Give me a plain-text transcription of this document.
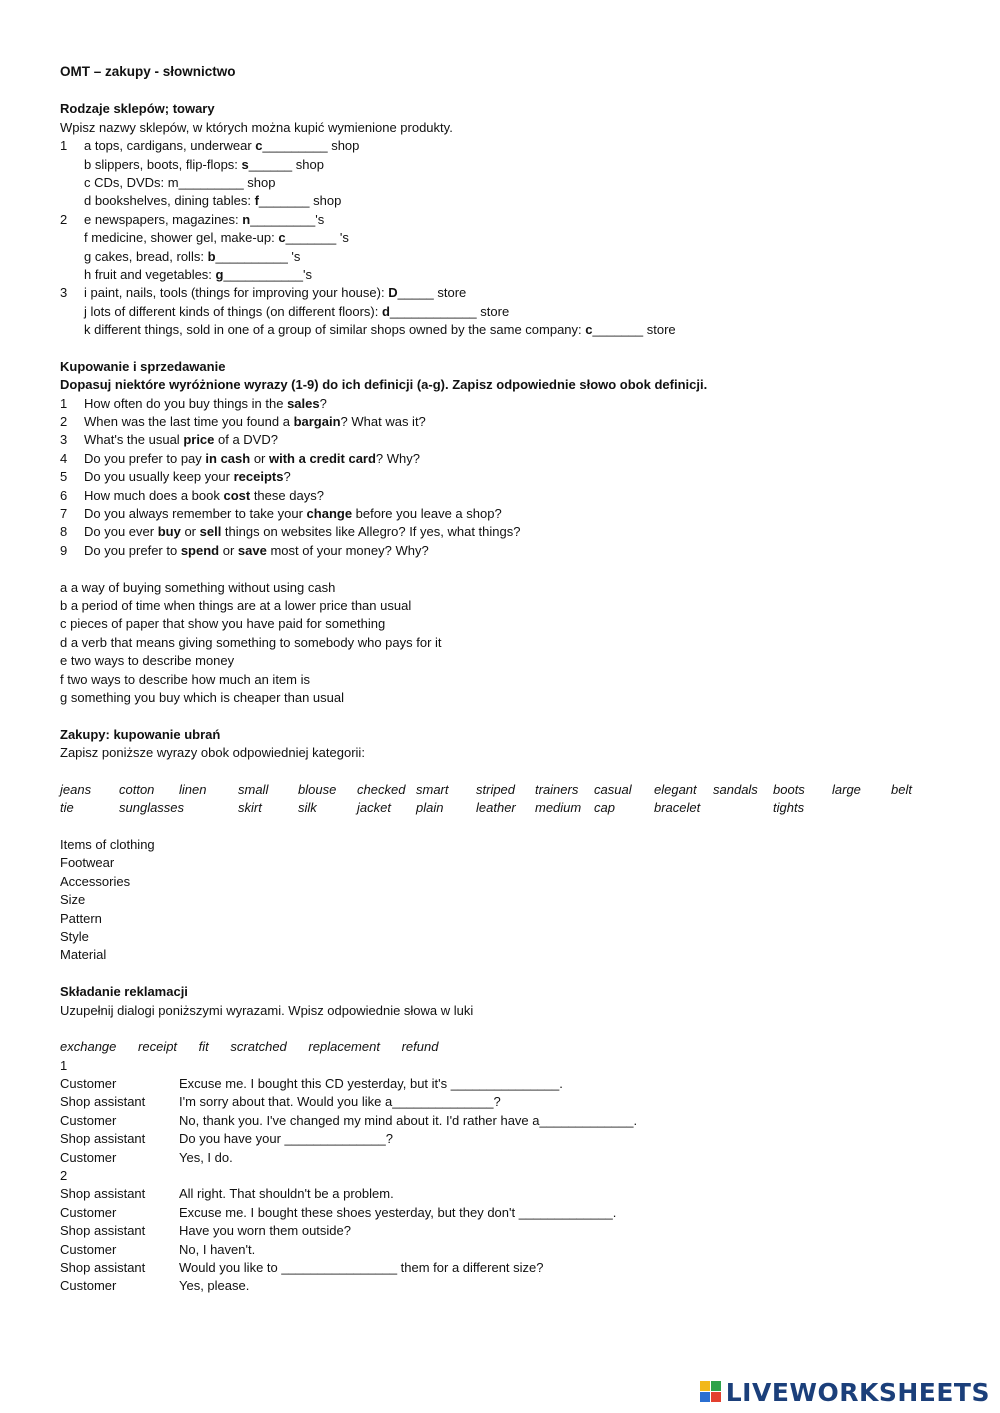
OMT – zakupy - słownictwo
Rodzaje sklepów; towary
Wpisz nazwy sklepów, w których można kupić wymienione produkty.
1 a tops, cardigans, underwear c_________ shop
b slippers, boots, flip-flops: s______ shop
c CDs, DVDs: m_________ shop
d bookshelves, dining tables: f_______ shop
2 e newspapers, magazines: n_________'s
f medicine, shower gel, make-up: c_______ 's
g cakes, bread, rolls: b__________ 's
h fruit and vegetables: g___________'s
3 i paint, nails, tools (things for improving your house): D_____ store
j lots of different kinds of things (on different floors): d____________ store
k different things, sold in one of a group of similar shops owned by the same company: c_______ store
Kupowanie i sprzedawanie
Dopasuj niektóre wyróżnione wyrazy (1-9) do ich definicji (a-g). Zapisz odpowiednie słowo obok definicji.
1 How often do you buy things in the sales?
2 When was the last time you found a bargain? What was it?
3 What's the usual price of a DVD?
4 Do you prefer to pay in cash or with a credit card? Why?
5 Do you usually keep your receipts?
6 How much does a book cost these days?
7 Do you always remember to take your change before you leave a shop?
8 Do you ever buy or sell things on websites like Allegro? If yes, what things?
9 Do you prefer to spend or save most of your money? Why?
a a way of buying something without using cash
b a period of time when things are at a lower price than usual
c pieces of paper that show you have paid for something
d a verb that means giving something to somebody who pays for it
e two ways to describe money
f two ways to describe how much an item is
g something you buy which is cheaper than usual
Zakupy: kupowanie ubrań
Zapisz poniższe wyrazy obok odpowiedniej kategorii:
jeans cotton linen small blouse checked smart striped trainers casual elegant sandals boots large belt
tie	sunglasses	skirt	silk	jacket plain	leather medium cap	bracelet	tights
Items of clothing
Footwear
Accessories
Size
Pattern
Style
Material
Składanie reklamacji
Uzupełnij dialogi poniższymi wyrazami. Wpisz odpowiednie słowa w luki
exchange receipt fit scratched replacement refund
1
Customer	Excuse me. I bought this CD yesterday, but it's _______________.
Shop assistant	I'm sorry about that. Would you like a______________?
Customer	No, thank you. I've changed my mind about it. I'd rather have a_____________.
Shop assistant	Do you have your ______________?
Customer	Yes, I do.
2
Shop assistant	All right. That shouldn't be a problem.
Customer	Excuse me. I bought these shoes yesterday, but they don't _____________.
Shop assistant	Have you worn them outside?
Customer	No, I haven't.
Shop assistant	Would you like to ________________ them for a different size?
Customer	Yes, please.
LIVEWORKSHEETS
